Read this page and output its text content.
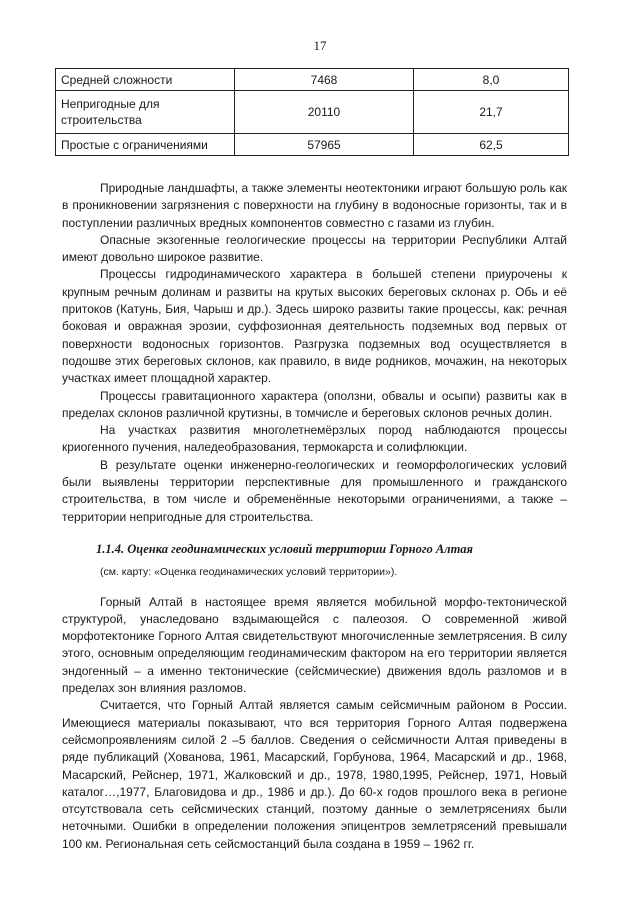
17
Средней сложности	7468	8,0
Непригодные для строительства	20110	21,7
Простые с ограничениями	57965	62,5

Природные ландшафты, а также элементы неотектоники играют большую роль как в проникновении загрязнения с поверхности на глубину в водоносные горизонты, так и в поступлении различных вредных компонентов совместно с газами из глубин.

Опасные экзогенные геологические процессы на территории Республики Алтай имеют довольно широкое развитие.

Процессы гидродинамического характера в большей степени приурочены к крупным речным долинам и развиты на крутых высоких береговых склонах р. Обь и её притоков (Катунь, Бия, Чарыш и др.). Здесь широко развиты такие процессы, как: речная боковая и овражная эрозии, суффозионная деятельность подземных вод первых от поверхности водоносных горизонтов. Разгрузка подземных вод осуществляется в подошве этих береговых склонов, как правило, в виде родников, мочажин, на некоторых участках имеет площадной характер.

Процессы гравитационного характера (оползни, обвалы и осыпи) развиты как в пределах склонов различной крутизны, в томчисле и береговых склонов речных долин.

На участках развития многолетнемёрзлых пород наблюдаются процессы криогенного пучения, наледеобразования, термокарста и солифлюкции.

В результате оценки инженерно-геологических и геоморфологических условий были выявлены территории перспективные для промышленного и гражданского строительства, в том числе и обременённые некоторыми ограничениями, а также – территории непригодные для строительства.

1.1.4. Оценка геодинамических условий территории Горного Алтая
(см. карту: «Оценка геодинамических условий территории»).

Горный Алтай в настоящее время является мобильной морфо-тектонической структурой, унаследовано вздымающейся с палеозоя. О современной живой морфотектонике Горного Алтая свидетельствуют многочисленные землетрясения. В силу этого, основным определяющим геодинамическим фактором на его территории является эндогенный – а именно тектонические (сейсмические) движения вдоль разломов и в пределах зон влияния разломов.

Считается, что Горный Алтай является самым сейсмичным районом в России. Имеющиеся материалы показывают, что вся территория Горного Алтая подвержена сейсмопроявлениям силой 2 –5 баллов. Сведения о сейсмичности Алтая приведены в ряде публикаций (Хованова, 1961, Масарский, Горбунова, 1964, Масарский и др., 1968, Масарский, Рейснер, 1971, Жалковский и др., 1978, 1980,1995, Рейснер, 1971, Новый каталог…,1977, Благовидова и др., 1986 и др.). До 60-х годов прошлого века в регионе отсутствовала сеть сейсмических станций, поэтому данные о землетрясениях были неточными. Ошибки в определении положения эпицентров землетрясений превышали 100 км. Региональная сеть сейсмостанций была создана в 1959 – 1962 гг.
